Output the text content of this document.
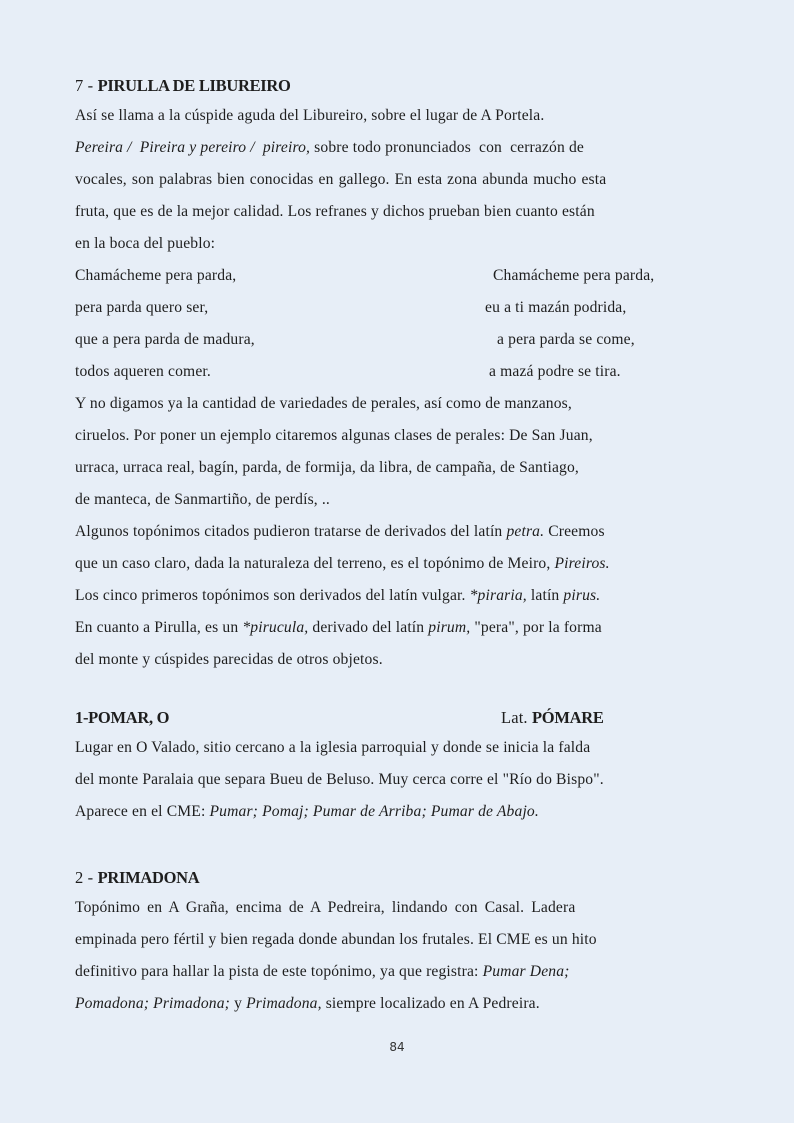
7 - PIRULLA DE LIBUREIRO
Así se llama a la cúspide aguda del Libureiro, sobre el lugar de A Portela.
Pereira /  Pireira y pereiro /  pireiro, sobre todo pronunciados  con  cerrazón de
vocales, son palabras bien conocidas en gallego. En esta zona abunda mucho esta
fruta, que es de la mejor calidad. Los refranes y dichos prueban bien cuanto están
en la boca del pueblo:
Chamácheme pera parda,
pera parda quero ser,
que a pera parda de madura,
todos aqueren comer.
Chamácheme pera parda,
eu a ti mazán podrida,
a pera parda se come,
a mazá podre se tira.
Y no digamos ya la cantidad de variedades de perales, así como de manzanos,
ciruelos. Por poner un ejemplo citaremos algunas clases de perales: De San Juan,
urraca, urraca real, bagín, parda, de formija, da libra, de campaña, de Santiago,
de manteca, de Sanmartiño, de perdís, ..
Algunos topónimos citados pudieron tratarse de derivados del latín petra. Creemos
que un caso claro, dada la naturaleza del terreno, es el topónimo de Meiro, Pireiros.
Los cinco primeros topónimos son derivados del latín vulgar. *piraria, latín pirus.
En cuanto a Pirulla, es un *pirucula, derivado del latín pirum, "pera", por la forma
del monte y cúspides parecidas de otros objetos.
1-POMAR, O	Lat. PÓMARE
Lugar en O Valado, sitio cercano a la iglesia parroquial y donde se inicia la falda
del monte Paralaia que separa Bueu de Beluso. Muy cerca corre el "Río do Bispo".
Aparece en el CME: Pumar; Pomaj; Pumar de Arriba; Pumar de Abajo.
2 - PRIMADONA
Topónimo en A Graña, encima de A Pedreira, lindando con Casal. Ladera
empinada pero fértil y bien regada donde abundan los frutales. El CME es un hito
definitivo para hallar la pista de este topónimo, ya que registra: Pumar Dena;
Pomadona; Primadona; y Primadona, siempre localizado en A Pedreira.
84
